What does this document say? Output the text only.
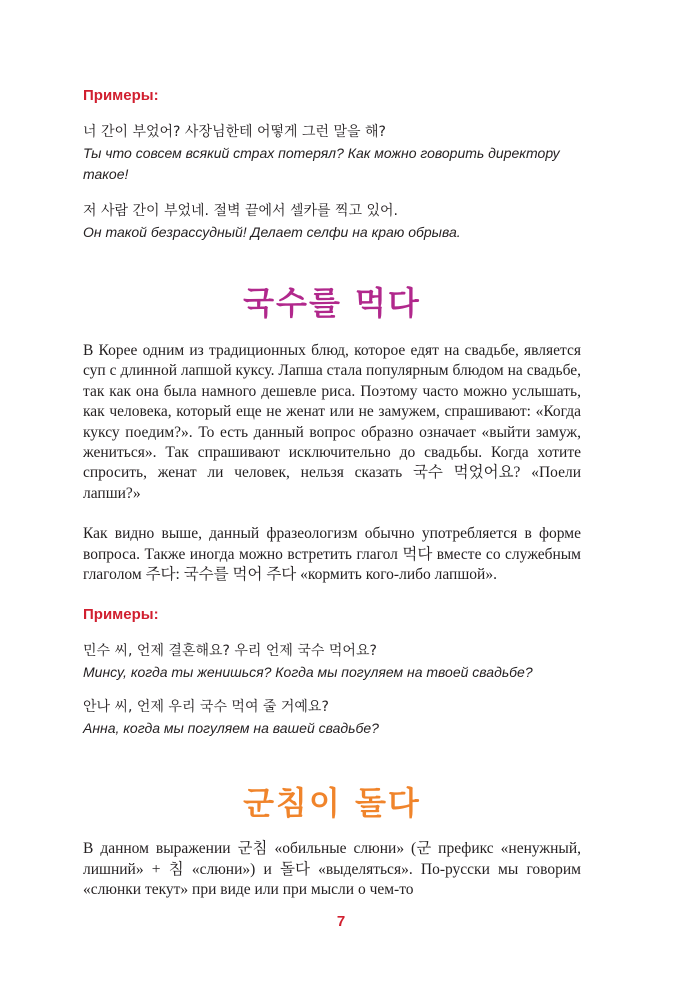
Примеры:

너 간이 부었어? 사장님한테 어떻게 그런 말을 해?

Ты что совсем всякий страх потерял? Как можно говорить директору такое!

저 사람 간이 부었네. 절벽 끝에서 셀카를 찍고 있어.

Он такой безрассудный! Делает селфи на краю обрыва.

국수를 먹다

В Корее одним из традиционных блюд, которое едят на свадьбе, является суп с длинной лапшой куксу. Лапша стала популярным блюдом на свадьбе, так как она была намного дешевле риса. Поэтому часто можно услышать, как человека, который еще не женат или не замужем, спрашивают: «Когда куксу поедим?». То есть данный вопрос образно означает «выйти замуж, жениться». Так спрашивают исключительно до свадьбы. Когда хотите спросить, женат ли человек, нельзя сказать 국수 먹었어요? «Поели лапши?»

Как видно выше, данный фразеологизм обычно употребляется в форме вопроса. Также иногда можно встретить глагол 먹다 вместе со служебным глаголом 주다: 국수를 먹어 주다 «кормить кого-либо лапшой».

Примеры:

민수 씨, 언제 결혼해요? 우리 언제 국수 먹어요?

Минсу, когда ты женишься? Когда мы погуляем на твоей свадьбе?

안나 씨, 언제 우리 국수 먹여 줄 거예요?

Анна, когда мы погуляем на вашей свадьбе?

군침이 돌다

В данном выражении 군침 «обильные слюни» (군 префикс «ненужный, лишний» + 침 «слюни») и 돌다 «выделяться». По-русски мы говорим «слюнки текут» при виде или при мысли о чем-то

7
